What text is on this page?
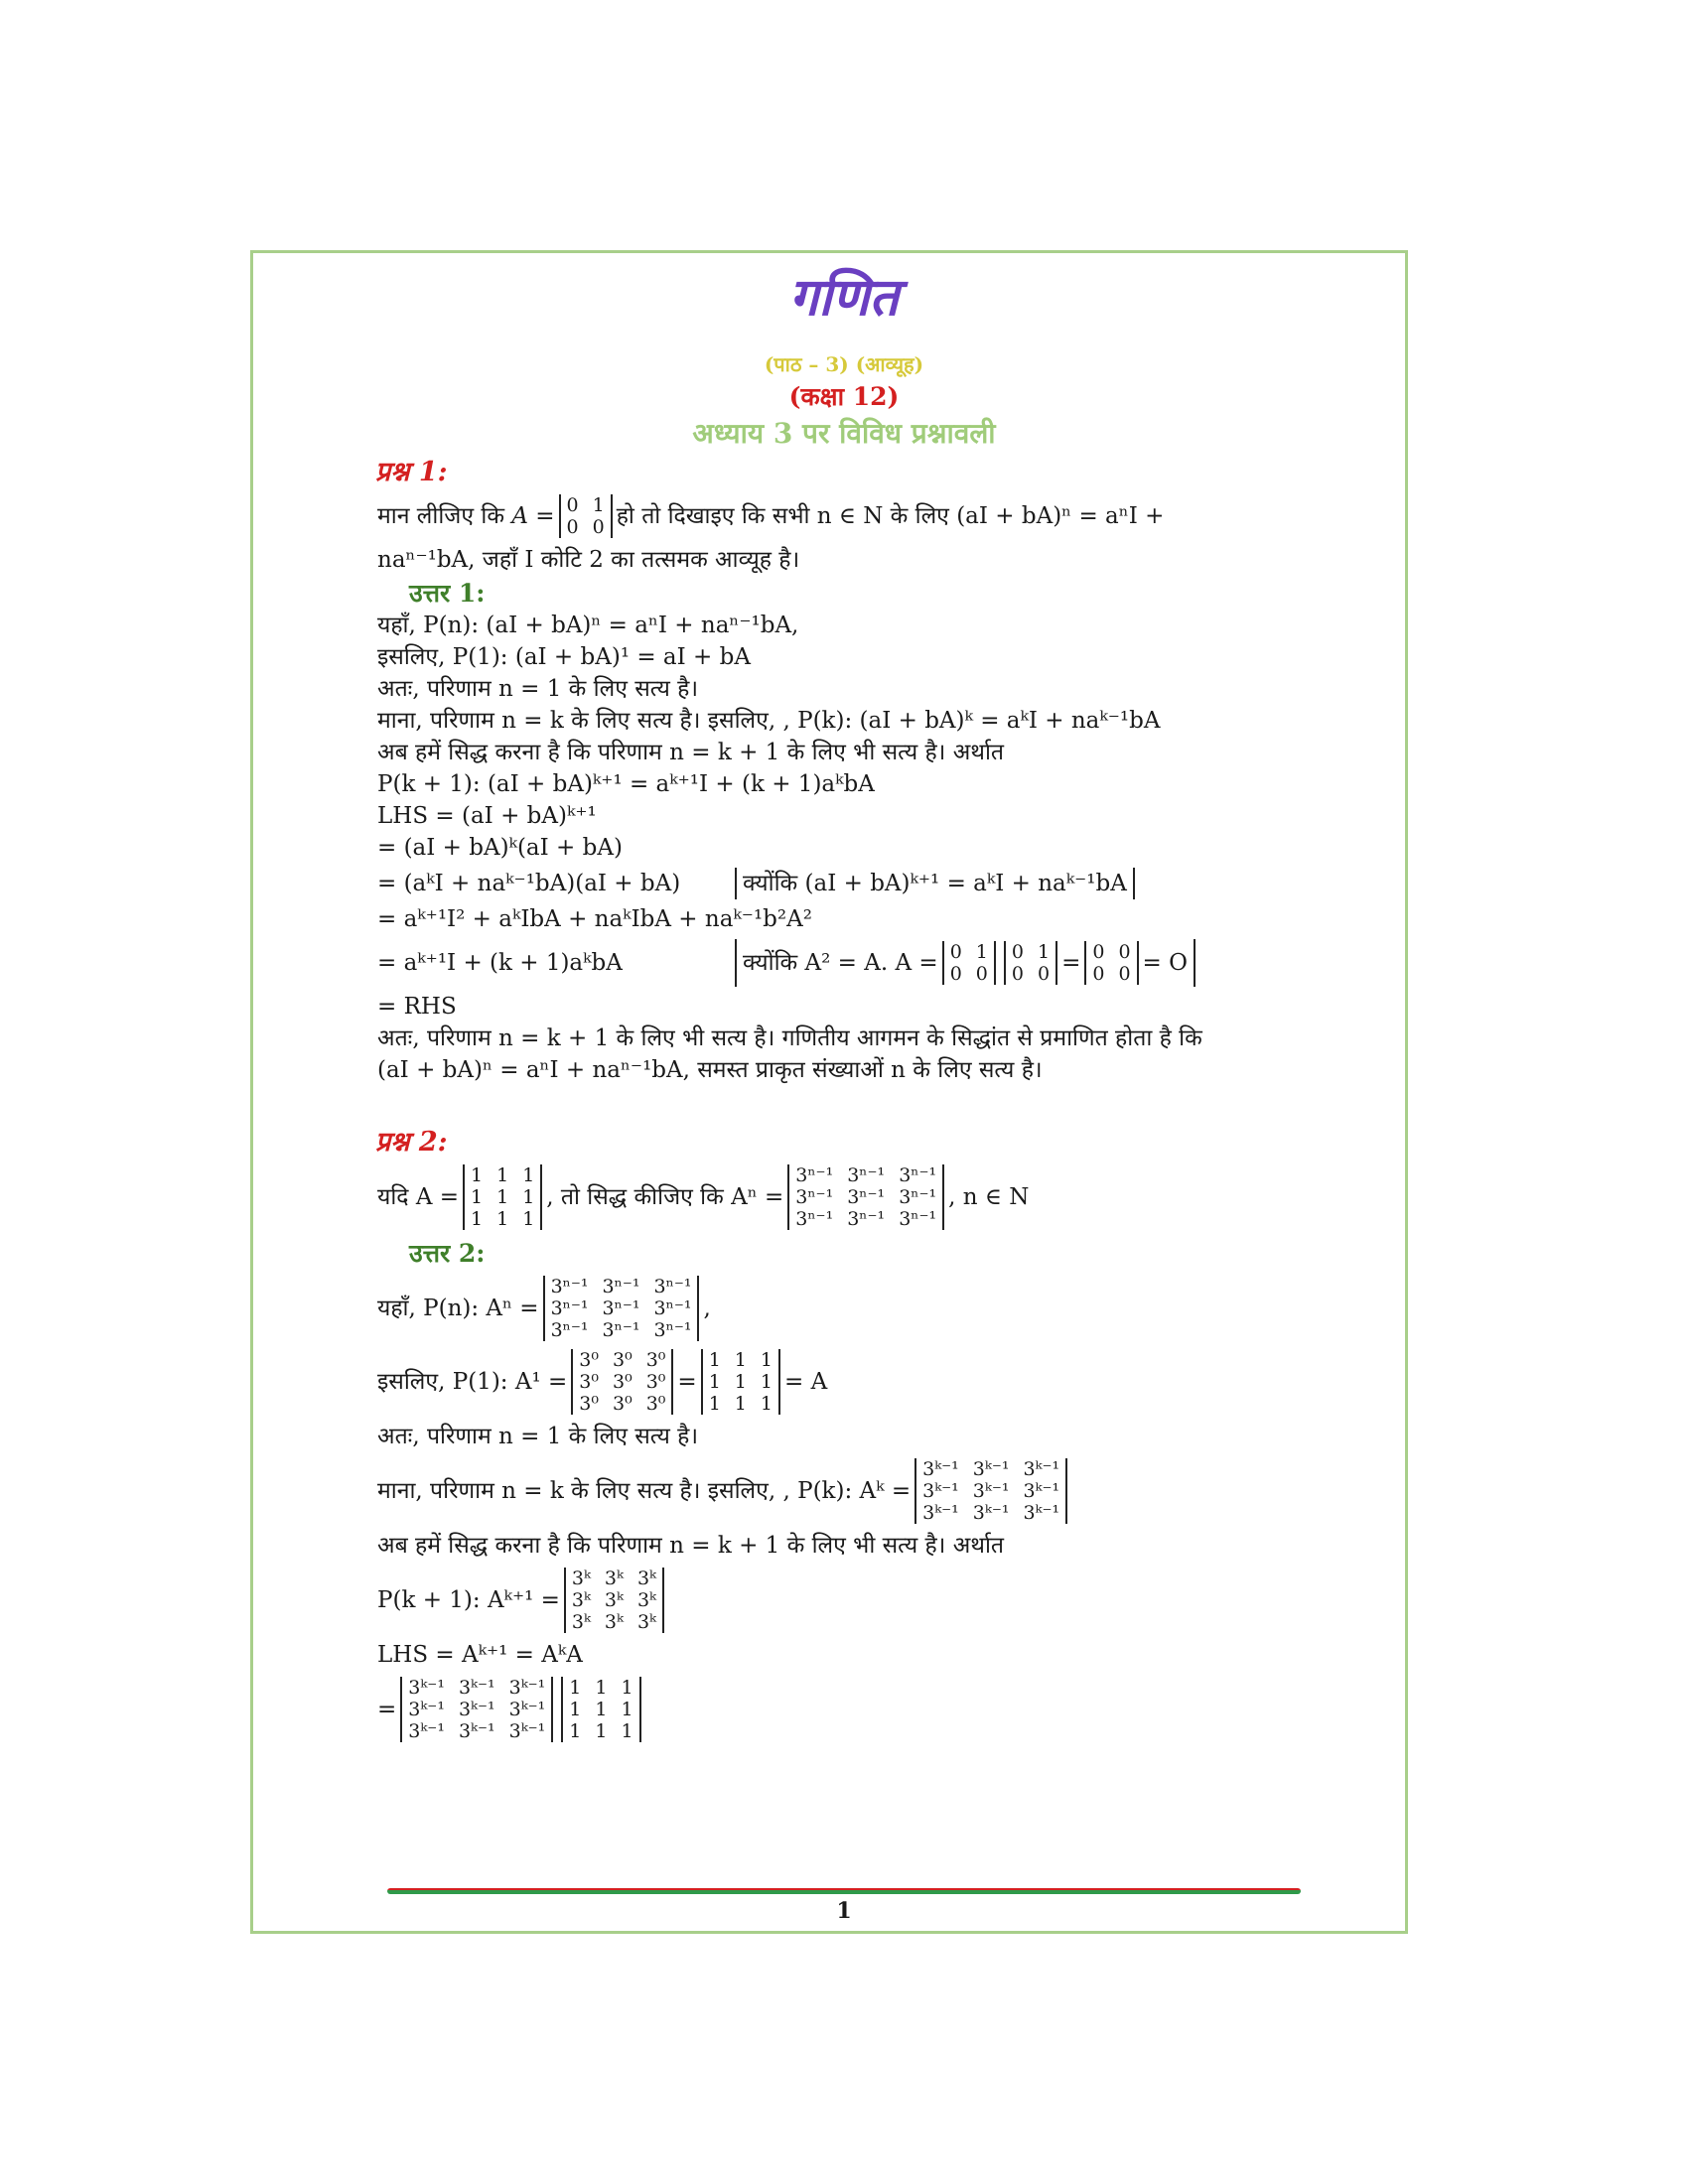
गणित
(पाठ – 3) (आव्यूह)
(कक्षा 12)
अध्याय 3 पर विविध प्रश्नावली
प्रश्न 1:
मान लीजिए कि
A = 0 1
0 0 हो तो दिखाइए कि सभी n ∈ N के लिए (aI + bA)ⁿ = aⁿI +

naⁿ⁻¹bA, जहाँ I कोटि 2 का तत्समक आव्यूह है।

उत्तर 1:

यहाँ, P(n): (aI + bA)ⁿ = aⁿI + naⁿ⁻¹bA,

इसलिए, P(1): (aI + bA)¹ = aI + bA

अतः, परिणाम n = 1 के लिए सत्य है।

माना, परिणाम n = k के लिए सत्य है। इसलिए, , P(k): (aI + bA)ᵏ = aᵏI + naᵏ⁻¹bA

अब हमें सिद्ध करना है कि परिणाम n = k + 1 के लिए भी सत्य है। अर्थात

P(k + 1): (aI + bA)ᵏ⁺¹ = aᵏ⁺¹I + (k + 1)aᵏbA

LHS = (aI + bA)ᵏ⁺¹

= (aI + bA)ᵏ(aI + bA)

= (aᵏI + naᵏ⁻¹bA)(aI + bA)	क्योंकि (aI + bA)ᵏ⁺¹ = aᵏI + naᵏ⁻¹bA

= aᵏ⁺¹I² + aᵏIbA + naᵏIbA + naᵏ⁻¹b²A²

= aᵏ⁺¹I + (k + 1)aᵏbA	क्योंकि A² = A. A = 0 1
0 0
0 1
0 0 = 0 0
0 0 = O

= RHS

अतः, परिणाम n = k + 1 के लिए भी सत्य है। गणितीय आगमन के सिद्धांत से प्रमाणित होता है कि

(aI + bA)ⁿ = aⁿI + naⁿ⁻¹bA, समस्त प्राकृत संख्याओं n के लिए सत्य है।

प्रश्न 2:
यदि A =
1 1 1
1 1 1
1 1 1
, तो सिद्ध कीजिए कि Aⁿ =
3ⁿ⁻¹ 3ⁿ⁻¹ 3ⁿ⁻¹
3ⁿ⁻¹ 3ⁿ⁻¹ 3ⁿ⁻¹
3ⁿ⁻¹ 3ⁿ⁻¹ 3ⁿ⁻¹
, n ∈ N
उत्तर 2:
यहाँ, P(n): Aⁿ =
3ⁿ⁻¹ 3ⁿ⁻¹ 3ⁿ⁻¹
3ⁿ⁻¹ 3ⁿ⁻¹ 3ⁿ⁻¹
3ⁿ⁻¹ 3ⁿ⁻¹ 3ⁿ⁻¹
,
इसलिए, P(1): A¹ =
3⁰ 3⁰ 3⁰
3⁰ 3⁰ 3⁰
3⁰ 3⁰ 3⁰
=
1 1 1
1 1 1
1 1 1
= A

अतः, परिणाम n = 1 के लिए सत्य है।

माना, परिणाम n = k के लिए सत्य है। इसलिए, , P(k): Aᵏ =
3ᵏ⁻¹ 3ᵏ⁻¹ 3ᵏ⁻¹
3ᵏ⁻¹ 3ᵏ⁻¹ 3ᵏ⁻¹
3ᵏ⁻¹ 3ᵏ⁻¹ 3ᵏ⁻¹

अब हमें सिद्ध करना है कि परिणाम n = k + 1 के लिए भी सत्य है। अर्थात

P(k + 1): Aᵏ⁺¹ =
3ᵏ 3ᵏ 3ᵏ
3ᵏ 3ᵏ 3ᵏ
3ᵏ 3ᵏ 3ᵏ

LHS = Aᵏ⁺¹ = AᵏA

=
3ᵏ⁻¹ 3ᵏ⁻¹ 3ᵏ⁻¹
3ᵏ⁻¹ 3ᵏ⁻¹ 3ᵏ⁻¹
3ᵏ⁻¹ 3ᵏ⁻¹ 3ᵏ⁻¹
1 1 1
1 1 1
1 1 1
1
